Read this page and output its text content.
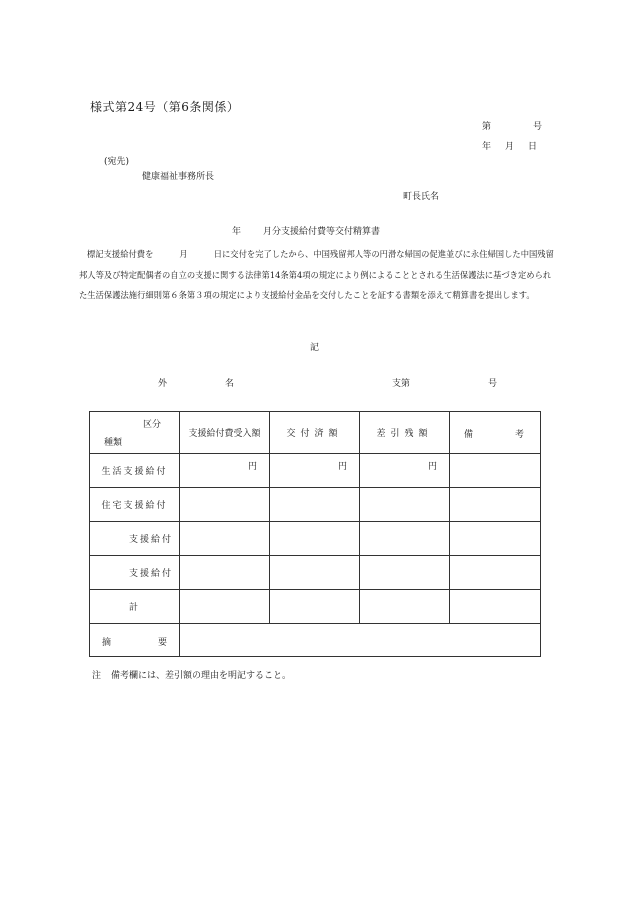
様式第24号（第6条関係）
第	号
年 月 日
(宛先)
健康福祉事務所長
町長氏名
年 月分支援給付費等交付精算書
標記支援給付費を	月	日に交付を完了したから、中国残留邦人等の円滑な帰国の促進並びに永住帰国した中国残留邦人等及び特定配偶者の自立の支援に関する法律第14条第4項の規定により例によることとされる生活保護法に基づき定められた生活保護法施行細則第６条第３項の規定により支援給付金品を交付したことを証する書類を添えて精算書を提出します。
記
外	名	支第	号
区分
種類	支援給付費受入額	交付済額	差引残額	備 考

生活支援給付	円	円	円	
住宅支援給付				
支援給付				
支援給付				
計				

摘 要				

注 備考欄には、差引額の理由を明記すること。
